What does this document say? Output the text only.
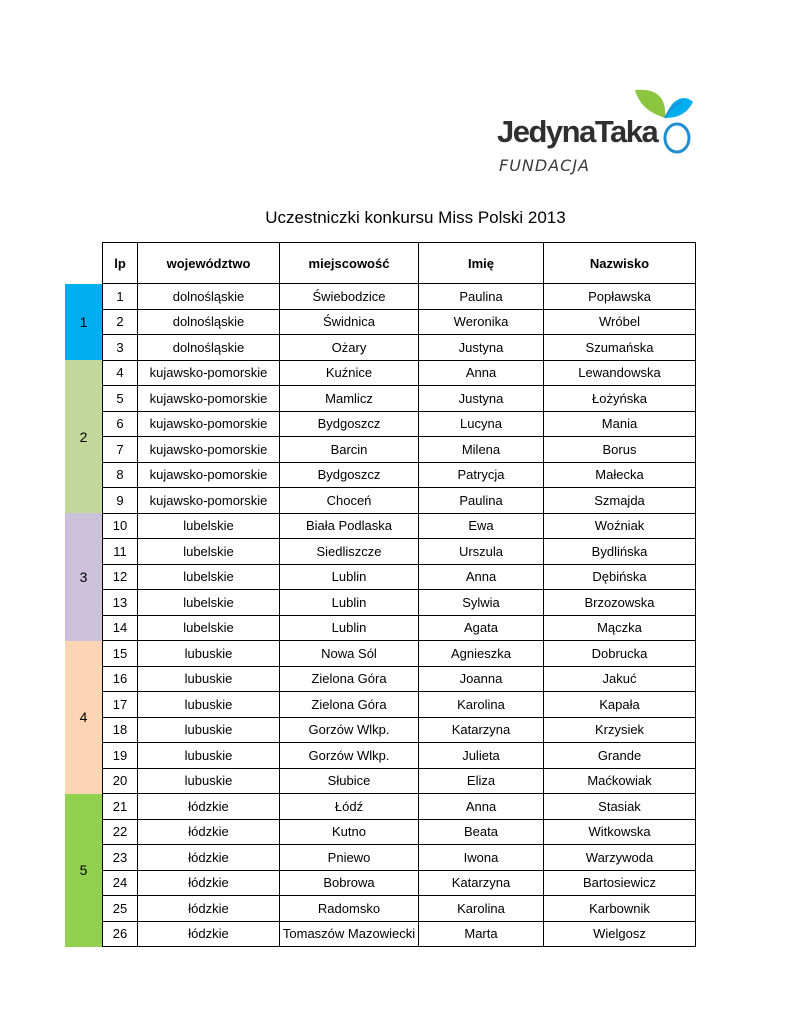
JedynaTaka
FUNDACJA
Uczestniczki konkursu Miss Polski 2013
1
2
3
4
5
lp	województwo	miejscowość	Imię	Nazwisko
1	dolnośląskie	Świebodzice	Paulina	Popławska
2	dolnośląskie	Świdnica	Weronika	Wróbel
3	dolnośląskie	Ożary	Justyna	Szumańska
4	kujawsko-pomorskie	Kuźnice	Anna	Lewandowska
5	kujawsko-pomorskie	Mamlicz	Justyna	Łożyńska
6	kujawsko-pomorskie	Bydgoszcz	Lucyna	Mania
7	kujawsko-pomorskie	Barcin	Milena	Borus
8	kujawsko-pomorskie	Bydgoszcz	Patrycja	Małecka
9	kujawsko-pomorskie	Choceń	Paulina	Szmajda
10	lubelskie	Biała Podlaska	Ewa	Woźniak
11	lubelskie	Siedliszcze	Urszula	Bydlińska
12	lubelskie	Lublin	Anna	Dębińska
13	lubelskie	Lublin	Sylwia	Brzozowska
14	lubelskie	Lublin	Agata	Mączka
15	lubuskie	Nowa Sól	Agnieszka	Dobrucka
16	lubuskie	Zielona Góra	Joanna	Jakuć
17	lubuskie	Zielona Góra	Karolina	Kapała
18	lubuskie	Gorzów Wlkp.	Katarzyna	Krzysiek
19	lubuskie	Gorzów Wlkp.	Julieta	Grande
20	lubuskie	Słubice	Eliza	Maćkowiak
21	łódzkie	Łódź	Anna	Stasiak
22	łódzkie	Kutno	Beata	Witkowska
23	łódzkie	Pniewo	Iwona	Warzywoda
24	łódzkie	Bobrowa	Katarzyna	Bartosiewicz
25	łódzkie	Radomsko	Karolina	Karbownik
26	łódzkie	Tomaszów Mazowiecki	Marta	Wielgosz
